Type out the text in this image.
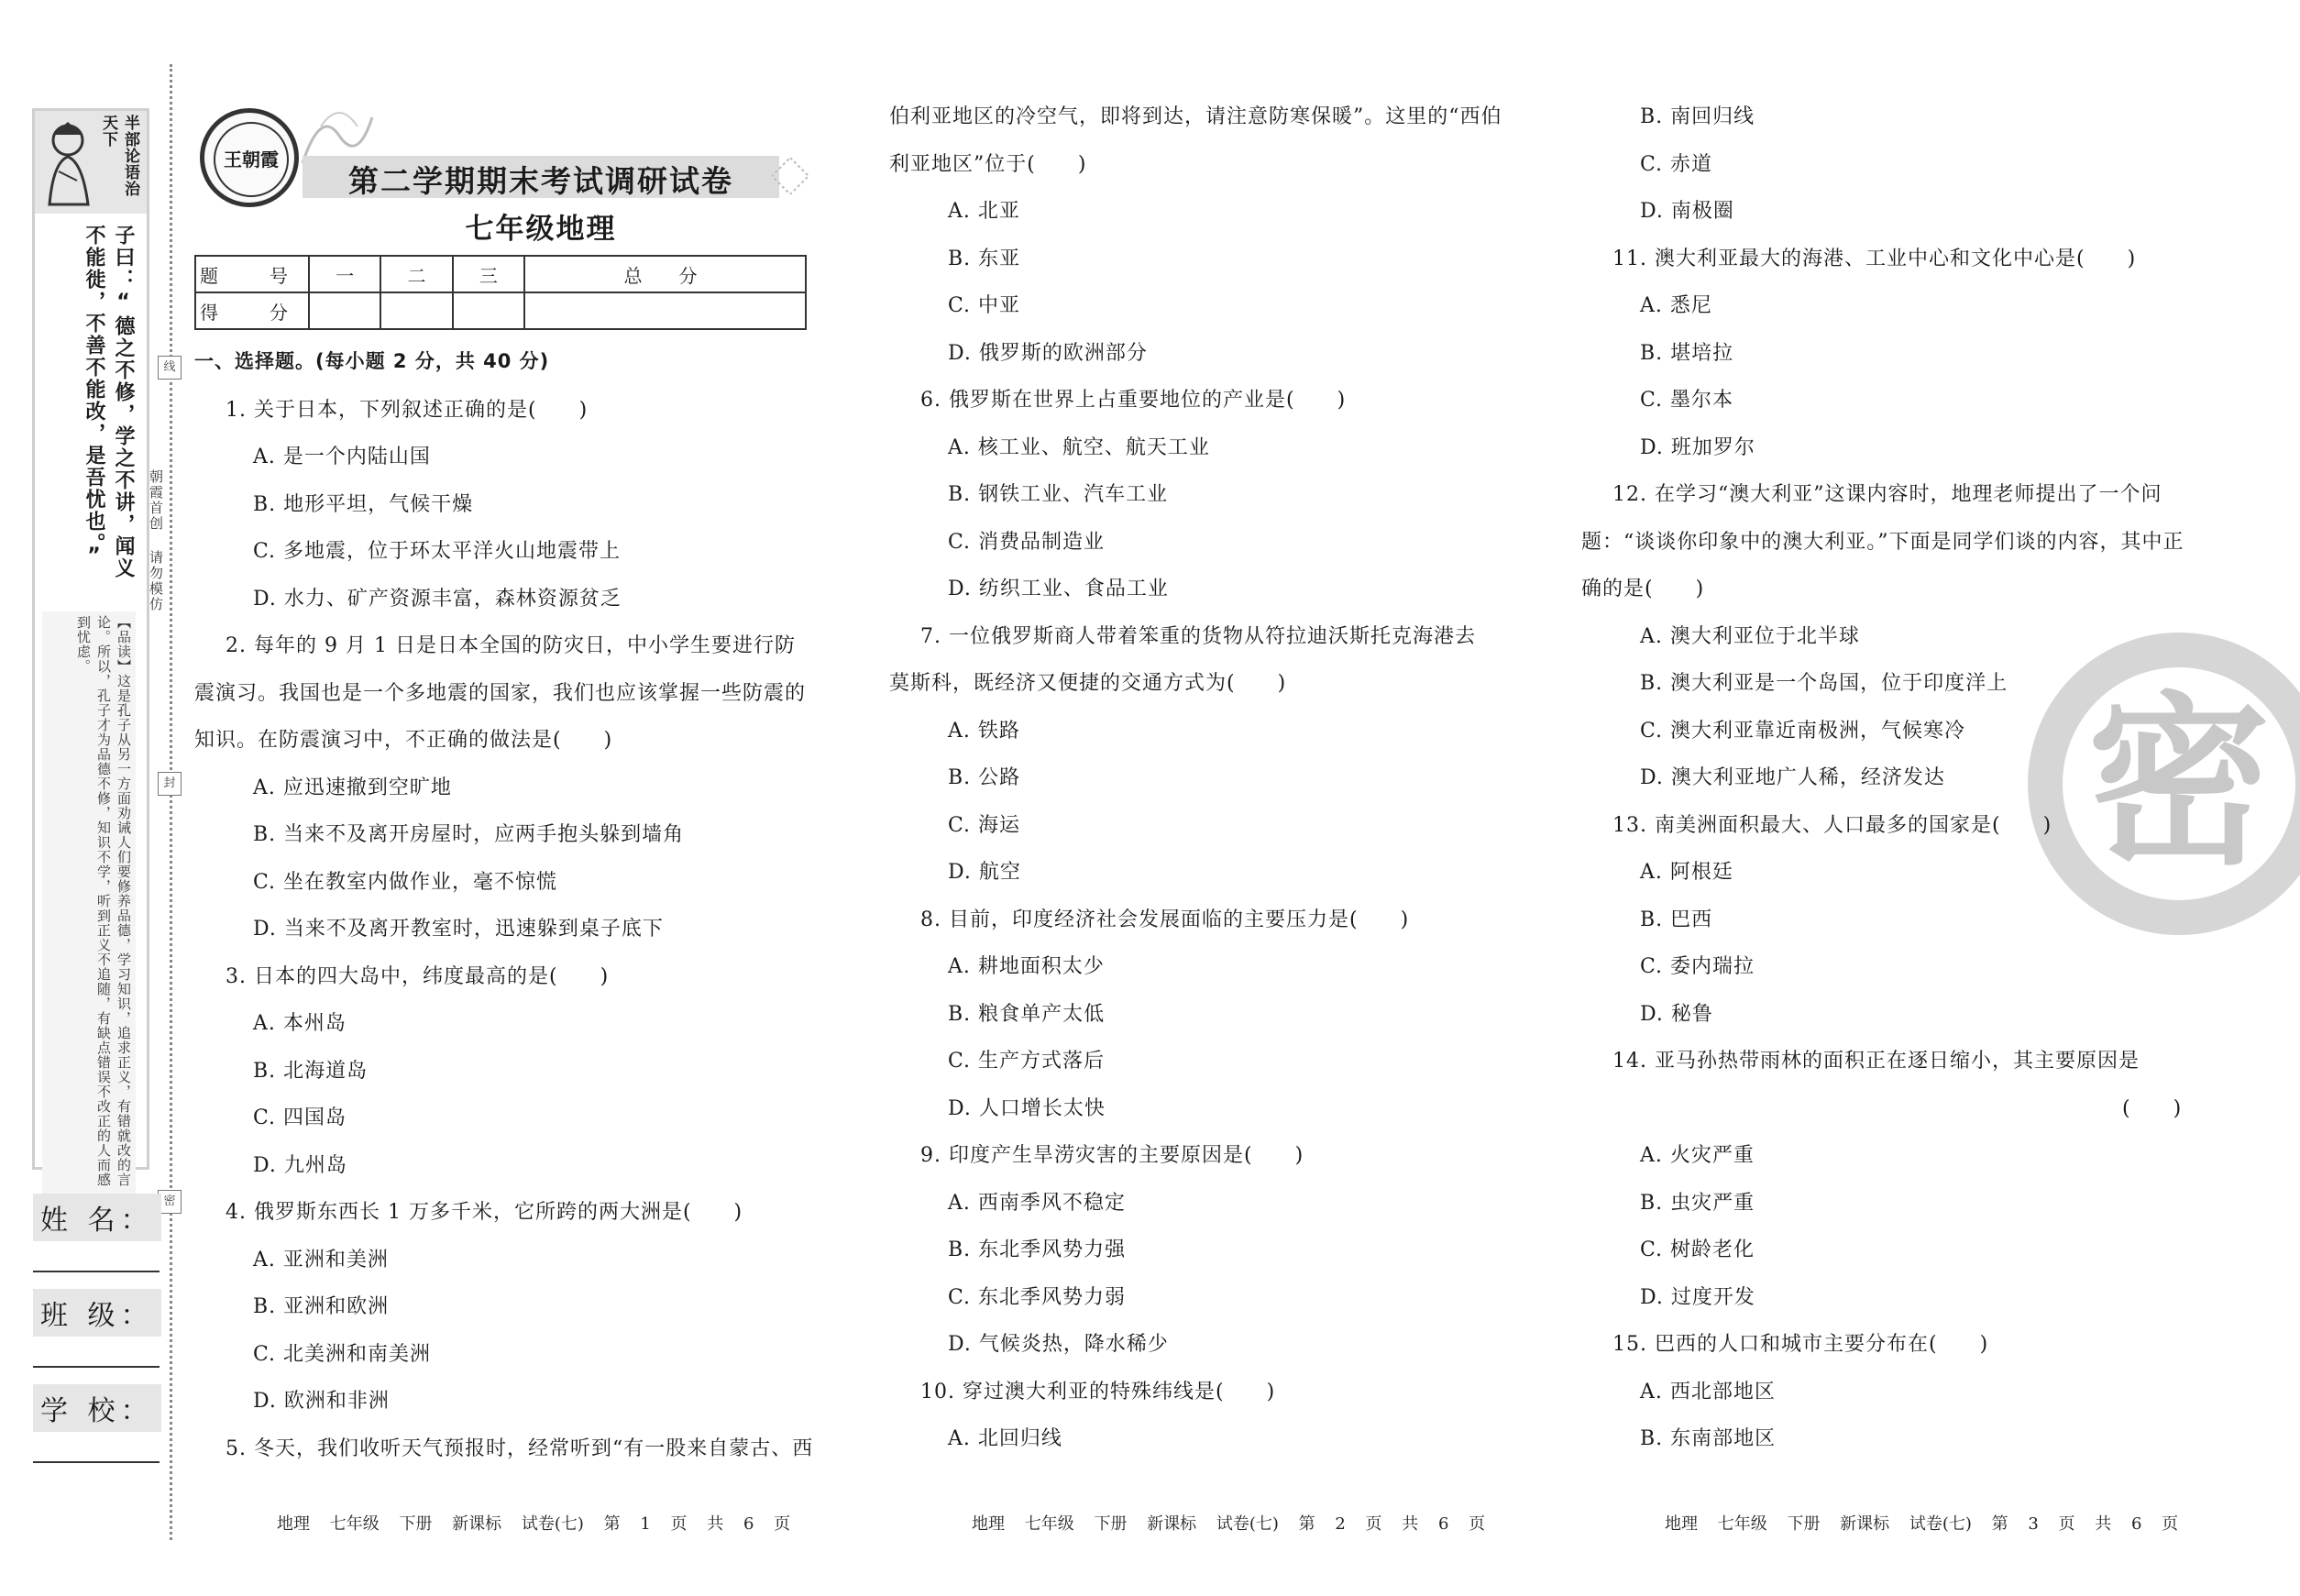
半部论语治天下
子曰：“德之不修，学之不讲，闻义不能徙，不善不能改，是吾忧也。”
【品读】这是孔子从另一方面劝诫人们要修养品德，学习知识，追求正义，有错就改的言论。所以，孔子才为品德不修，知识不学，听到正义不追随，有缺点错误不改正的人而感到忧虑。
朝霞首创 请勿模仿
线
封
密
姓 名：
班 级：
学 校：
王朝霞
第二学期期末考试调研试卷
七年级地理
题　号	一	二	三	总　分
得　分				
密
一、选择题。(每小题 2 分，共 40 分)
1. 关于日本，下列叙述正确的是(　　)
A. 是一个内陆山国
B. 地形平坦，气候干燥
C. 多地震，位于环太平洋火山地震带上
D. 水力、矿产资源丰富，森林资源贫乏
2. 每年的 9 月 1 日是日本全国的防灾日，中小学生要进行防
震演习。我国也是一个多地震的国家，我们也应该掌握一些防震的
知识。在防震演习中，不正确的做法是(　　)
A. 应迅速撤到空旷地
B. 当来不及离开房屋时，应两手抱头躲到墙角
C. 坐在教室内做作业，毫不惊慌
D. 当来不及离开教室时，迅速躲到桌子底下
3. 日本的四大岛中，纬度最高的是(　　)
A. 本州岛
B. 北海道岛
C. 四国岛
D. 九州岛
4. 俄罗斯东西长 1 万多千米，它所跨的两大洲是(　　)
A. 亚洲和美洲
B. 亚洲和欧洲
C. 北美洲和南美洲
D. 欧洲和非洲
5. 冬天，我们收听天气预报时，经常听到“有一股来自蒙古、西
伯利亚地区的冷空气，即将到达，请注意防寒保暖”。这里的“西伯
利亚地区”位于(　　)
A. 北亚
B. 东亚
C. 中亚
D. 俄罗斯的欧洲部分
6. 俄罗斯在世界上占重要地位的产业是(　　)
A. 核工业、航空、航天工业
B. 钢铁工业、汽车工业
C. 消费品制造业
D. 纺织工业、食品工业
7. 一位俄罗斯商人带着笨重的货物从符拉迪沃斯托克海港去
莫斯科，既经济又便捷的交通方式为(　　)
A. 铁路
B. 公路
C. 海运
D. 航空
8. 目前，印度经济社会发展面临的主要压力是(　　)
A. 耕地面积太少
B. 粮食单产太低
C. 生产方式落后
D. 人口增长太快
9. 印度产生旱涝灾害的主要原因是(　　)
A. 西南季风不稳定
B. 东北季风势力强
C. 东北季风势力弱
D. 气候炎热，降水稀少
10. 穿过澳大利亚的特殊纬线是(　　)
A. 北回归线
B. 南回归线
C. 赤道
D. 南极圈
11. 澳大利亚最大的海港、工业中心和文化中心是(　　)
A. 悉尼
B. 堪培拉
C. 墨尔本
D. 班加罗尔
12. 在学习“澳大利亚”这课内容时，地理老师提出了一个问
题：“谈谈你印象中的澳大利亚。”下面是同学们谈的内容，其中正
确的是(　　)
A. 澳大利亚位于北半球
B. 澳大利亚是一个岛国，位于印度洋上
C. 澳大利亚靠近南极洲，气候寒冷
D. 澳大利亚地广人稀，经济发达
13. 南美洲面积最大、人口最多的国家是(　　)
A. 阿根廷
B. 巴西
C. 委内瑞拉
D. 秘鲁
14. 亚马孙热带雨林的面积正在逐日缩小，其主要原因是
(　　)
A. 火灾严重
B. 虫灾严重
C. 树龄老化
D. 过度开发
15. 巴西的人口和城市主要分布在(　　)
A. 西北部地区
B. 东南部地区
地理 七年级 下册 新课标 试卷(七) 第 1 页 共 6 页	地理 七年级 下册 新课标 试卷(七) 第 2 页 共 6 页	地理 七年级 下册 新课标 试卷(七) 第 3 页 共 6 页
